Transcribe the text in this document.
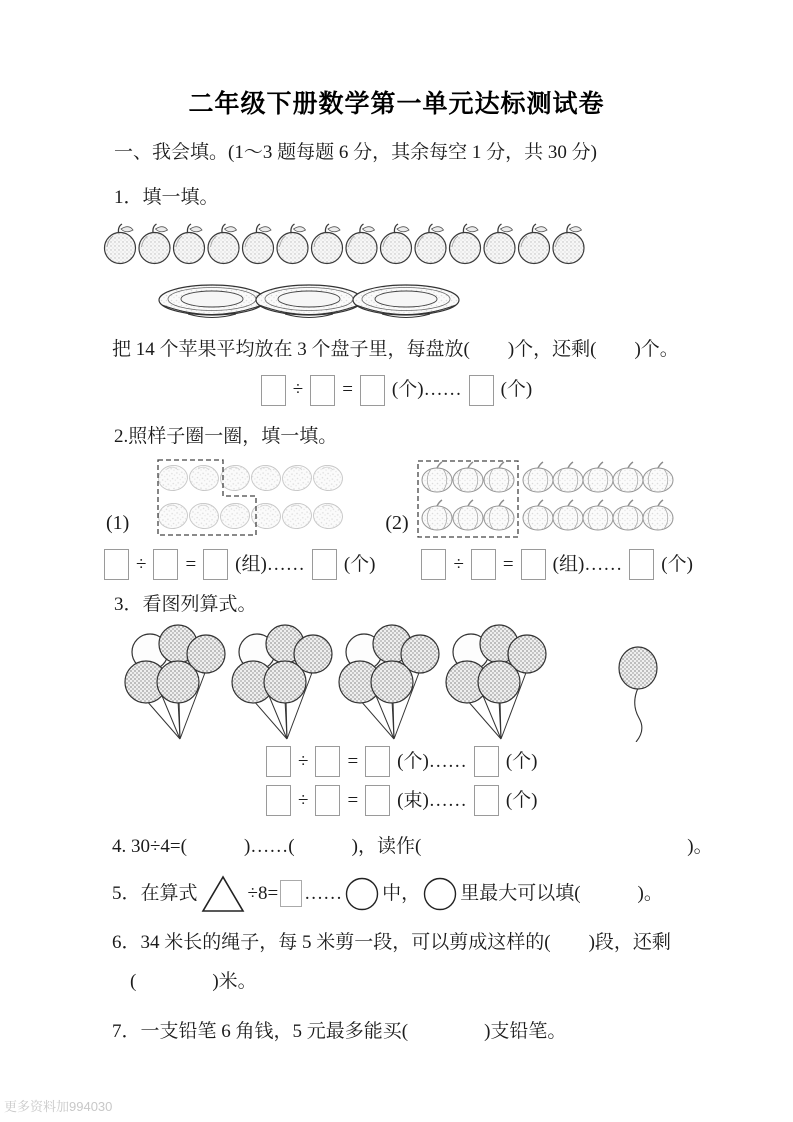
二年级下册数学第一单元达标测试卷
一、我会填。(1～3 题每题 6 分，其余每空 1 分，共 30 分)
1．填一填。
把 14 个苹果平均放在 3 个盘子里，每盘放(　　)个，还剩(　　)个。
÷ = (个)…… (个)
2.照样子圈一圈，填一填。
(1)	(2)
÷ = (组)…… (个)	÷ = (组)…… (个)
3．看图列算式。
÷ = (个)…… (个)
÷ = (束)…… (个)
4. 30÷4=(　　　)……(　　　)，读作(　　　　　　　　　　　　　　)。
5．在算式	÷8= …… 中， 里最大可以填(　　　)。
6．34 米长的绳子，每 5 米剪一段，可以剪成这样的(　　)段，还剩
(　　　　)米。
7．一支铅笔 6 角钱，5 元最多能买(　　　　)支铅笔。
更多资料加994030
